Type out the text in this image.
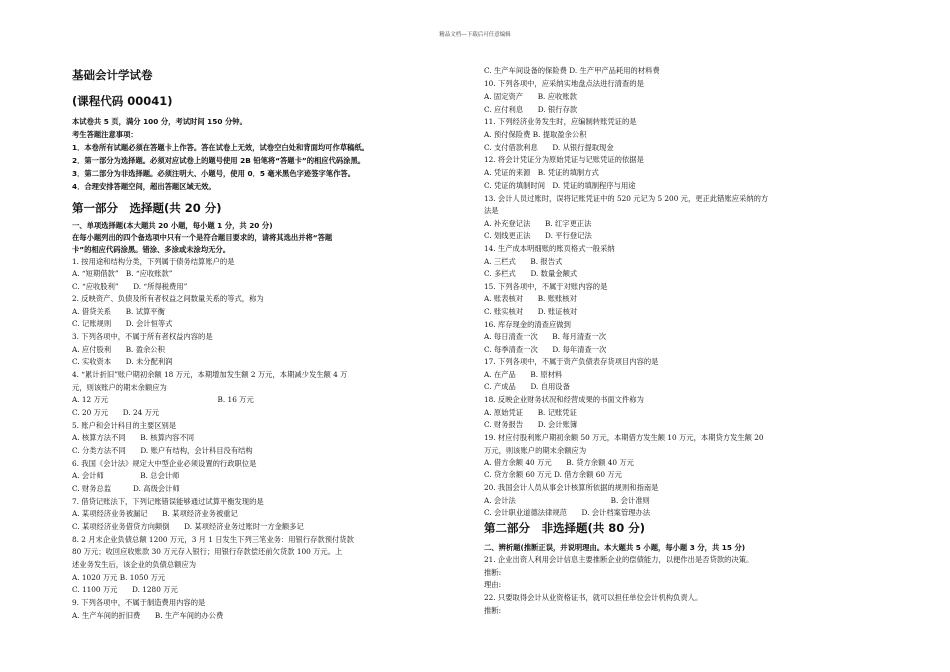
精品文档---下载后可任意编辑
基础会计学试卷
(课程代码 00041)
本试卷共 5 页，满分 100 分，考试时间 150 分钟。
考生答题注意事项：
1．本卷所有试题必须在答题卡上作答。答在试卷上无效，试卷空白处和背面均可作草稿纸。
2．第一部分为选择题。必须对应试卷上的题号使用 2B 铅笔将“答题卡”的相应代码涂黑。
3．第二部分为非选择题。必须注明大、小题号，使用 0．5 毫米黑色字迹签字笔作答。
4．合理安排答题空间，超出答题区域无效。
第一部分　选择题(共 20 分)
一、单项选择题(本大题共 20 小题，每小题 1 分，共 20 分)
在每小题列出的四个备选项中只有一个是符合题目要求的，请将其选出并将“答题
卡”的相应代码涂黑。错涂、多涂或未涂均无分。
1. 按用途和结构分类，下列属于债务结算账户的是
A. “短期借款”　B. “应收账款”
C. “应收股利”　　D. “所得税费用”
2. 反映资产、负债及所有者权益之间数量关系的等式，称为
A. 借贷关系　　B. 试算平衡
C. 记账规则　　D. 会计恒等式
3. 下列各项中，不属于所有者权益内容的是
A. 应付股利　　B. 盈余公积
C. 实收资本　　D. 未分配利润
4. “累计折旧”账户期初余额 18 万元，本期增加发生额 2 万元，本期减少发生额 4 万
元，则该账户的期末余额应为
A. 12 万元　　　　　　　　　　　　　　　B. 16 万元
C. 20 万元　　D. 24 万元
5. 账户和会计科目的主要区别是
A. 核算方法不同　　B. 核算内容不同
C. 分类方法不同　　D. 账户有结构，会计科目没有结构
6. 我国《会计法》规定大中型企业必须设置的行政职位是
A. 会计师　　　　　B. 总会计师
C. 财务总监　　　D. 高级会计师
7. 借贷记账法下，下列记账错误能够通过试算平衡发现的是
A. 某项经济业务被漏记　　B. 某项经济业务被重记
C. 某项经济业务借贷方向颠倒　　D. 某项经济业务过账时一方金额多记
8. 2 月末企业负债总额 1200 万元，3 月 1 日发生下列三笔业务：用银行存款预付货款
80 万元；收回应收账款 30 万元存入银行；用银行存款偿还前欠货款 100 万元。上
述业务发生后，该企业的负债总额应为
A. 1020 万元 B. 1050 万元
C. 1100 万元　　D. 1280 万元
9. 下列各项中，不属于制造费用内容的是
A. 生产车间的折旧费　　B. 生产车间的办公费
C. 生产车间设备的保险费 D. 生产甲产品耗用的材料费
10. 下列各项中，应采纳实地盘点法进行清查的是
A. 固定资产　　B. 应收账款
C. 应付利息　　D. 银行存款
11. 下列经济业务发生时，应编制转账凭证的是
A. 预付保险费 B. 提取盈余公积
C. 支付借款利息　　D. 从银行提取现金
12. 将会计凭证分为原始凭证与记账凭证的依据是
A. 凭证的来源　B. 凭证的填制方式
C. 凭证的填制时间　D. 凭证的填制程序与用途
13. 会计人员过账时，误将记账凭证中的 520 元记为 5 200 元，更正此错账应采纳的方
法是
A. 补充登记法　　B. 红字更正法
C. 划线更正法　　D. 平行登记法
14. 生产成本明细账的账页格式一般采纳
A. 三栏式　　B. 报告式
C. 多栏式　　D. 数量金额式
15. 下列各项中，不属于对账内容的是
A. 账表核对　　B. 账账核对
C. 账实核对　　D. 账证核对
16. 库存现金的清查应做到
A. 每日清查一次　　B. 每月清查一次
C. 每季清查一次　　D. 每年清查一次
17. 下列各项中，不属于资产负债表存货项目内容的是
A. 在产品　　B. 原材料
C. 产成品　　D. 自用设备
18. 反映企业财务状况和经营成果的书面文件称为
A. 原始凭证　　B. 记账凭证
C. 财务报告　　D. 会计账簿
19. 材应付股利账户期初余额 50 万元，本期借方发生额 10 万元，本期贷方发生额 20
万元，则该账户的期末余额应为
A. 借方余额 40 万元　　B. 贷方余额 40 万元
C. 贷方余额 60 万元 D. 借方余额 60 万元
20. 我国会计人员从事会计核算所依据的规则和指南是
A. 会计法　　　　　　　　　　　　　B. 会计准则
C. 会计职业道德法律规范　　D. 会计档案管理办法
第二部分　非选择题(共 80 分)
二、辨析题(推断正误，并说明理由。本大题共 5 小题，每小题 3 分，共 15 分)
21. 企业出资人利用会计信息主要推断企业的偿债能力，以便作出是否贷款的决策。
推断:
理由:
22. 只要取得会计从业资格证书，就可以担任单位会计机构负责人。
推断:
